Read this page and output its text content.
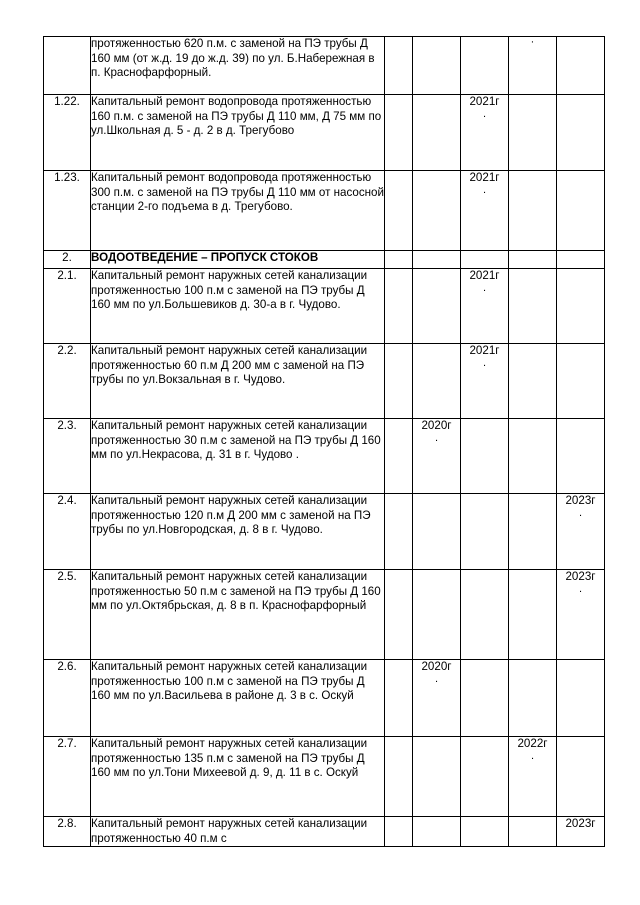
	протяженностью 620 п.м. с заменой на ПЭ трубы Д 160 мм (от ж.д. 19 до ж.д. 39) по ул. Б.Набережная в п. Краснофарфорный.				·	

1.22.	Капитальный ремонт водопровода протяженностью 160 п.м. с заменой на ПЭ трубы Д 110 мм, Д 75 мм по ул.Школьная д. 5 - д. 2 в д. Трегубово			2021г
.		

1.23.	Капитальный ремонт водопровода протяженностью 300 п.м. с заменой на ПЭ трубы Д 110 мм от насосной станции 2-го подъема в д. Трегубово.			2021г
.		

2.	ВОДООТВЕДЕНИЕ – ПРОПУСК СТОКОВ					
2.1.	Капитальный ремонт наружных сетей канализации протяженностью 100 п.м с заменой на ПЭ трубы Д 160 мм по ул.Большевиков д. 30-а в г. Чудово.			2021г
.		

2.2.	Капитальный ремонт наружных сетей канализации протяженностью 60 п.м Д 200 мм с заменой на ПЭ трубы по ул.Вокзальная в г. Чудово.			2021г
.		

2.3.	Капитальный ремонт наружных сетей канализации протяженностью 30 п.м с заменой на ПЭ трубы Д 160 мм по ул.Некрасова, д. 31 в г. Чудово .		2020г
.			

2.4.	Капитальный ремонт наружных сетей канализации протяженностью 120 п.м Д 200 мм с заменой на ПЭ трубы по ул.Новгородская, д. 8 в г. Чудово.					2023г
.

2.5.	Капитальный ремонт наружных сетей канализации протяженностью 50 п.м с заменой на ПЭ трубы Д 160 мм по ул.Октябрьская, д. 8 в п. Краснофарфорный					2023г
.

2.6.	Капитальный ремонт наружных сетей канализации протяженностью 100 п.м с заменой на ПЭ трубы Д 160 мм по ул.Васильева в районе д. 3 в с. Оскуй		2020г
.			

2.7.	Капитальный ремонт наружных сетей канализации протяженностью 135 п.м с заменой на ПЭ трубы Д 160 мм по ул.Тони Михеевой д. 9, д. 11 в с. Оскуй				2022г
.	

2.8.	Капитальный ремонт наружных сетей канализации протяженностью 40 п.м с					2023г
